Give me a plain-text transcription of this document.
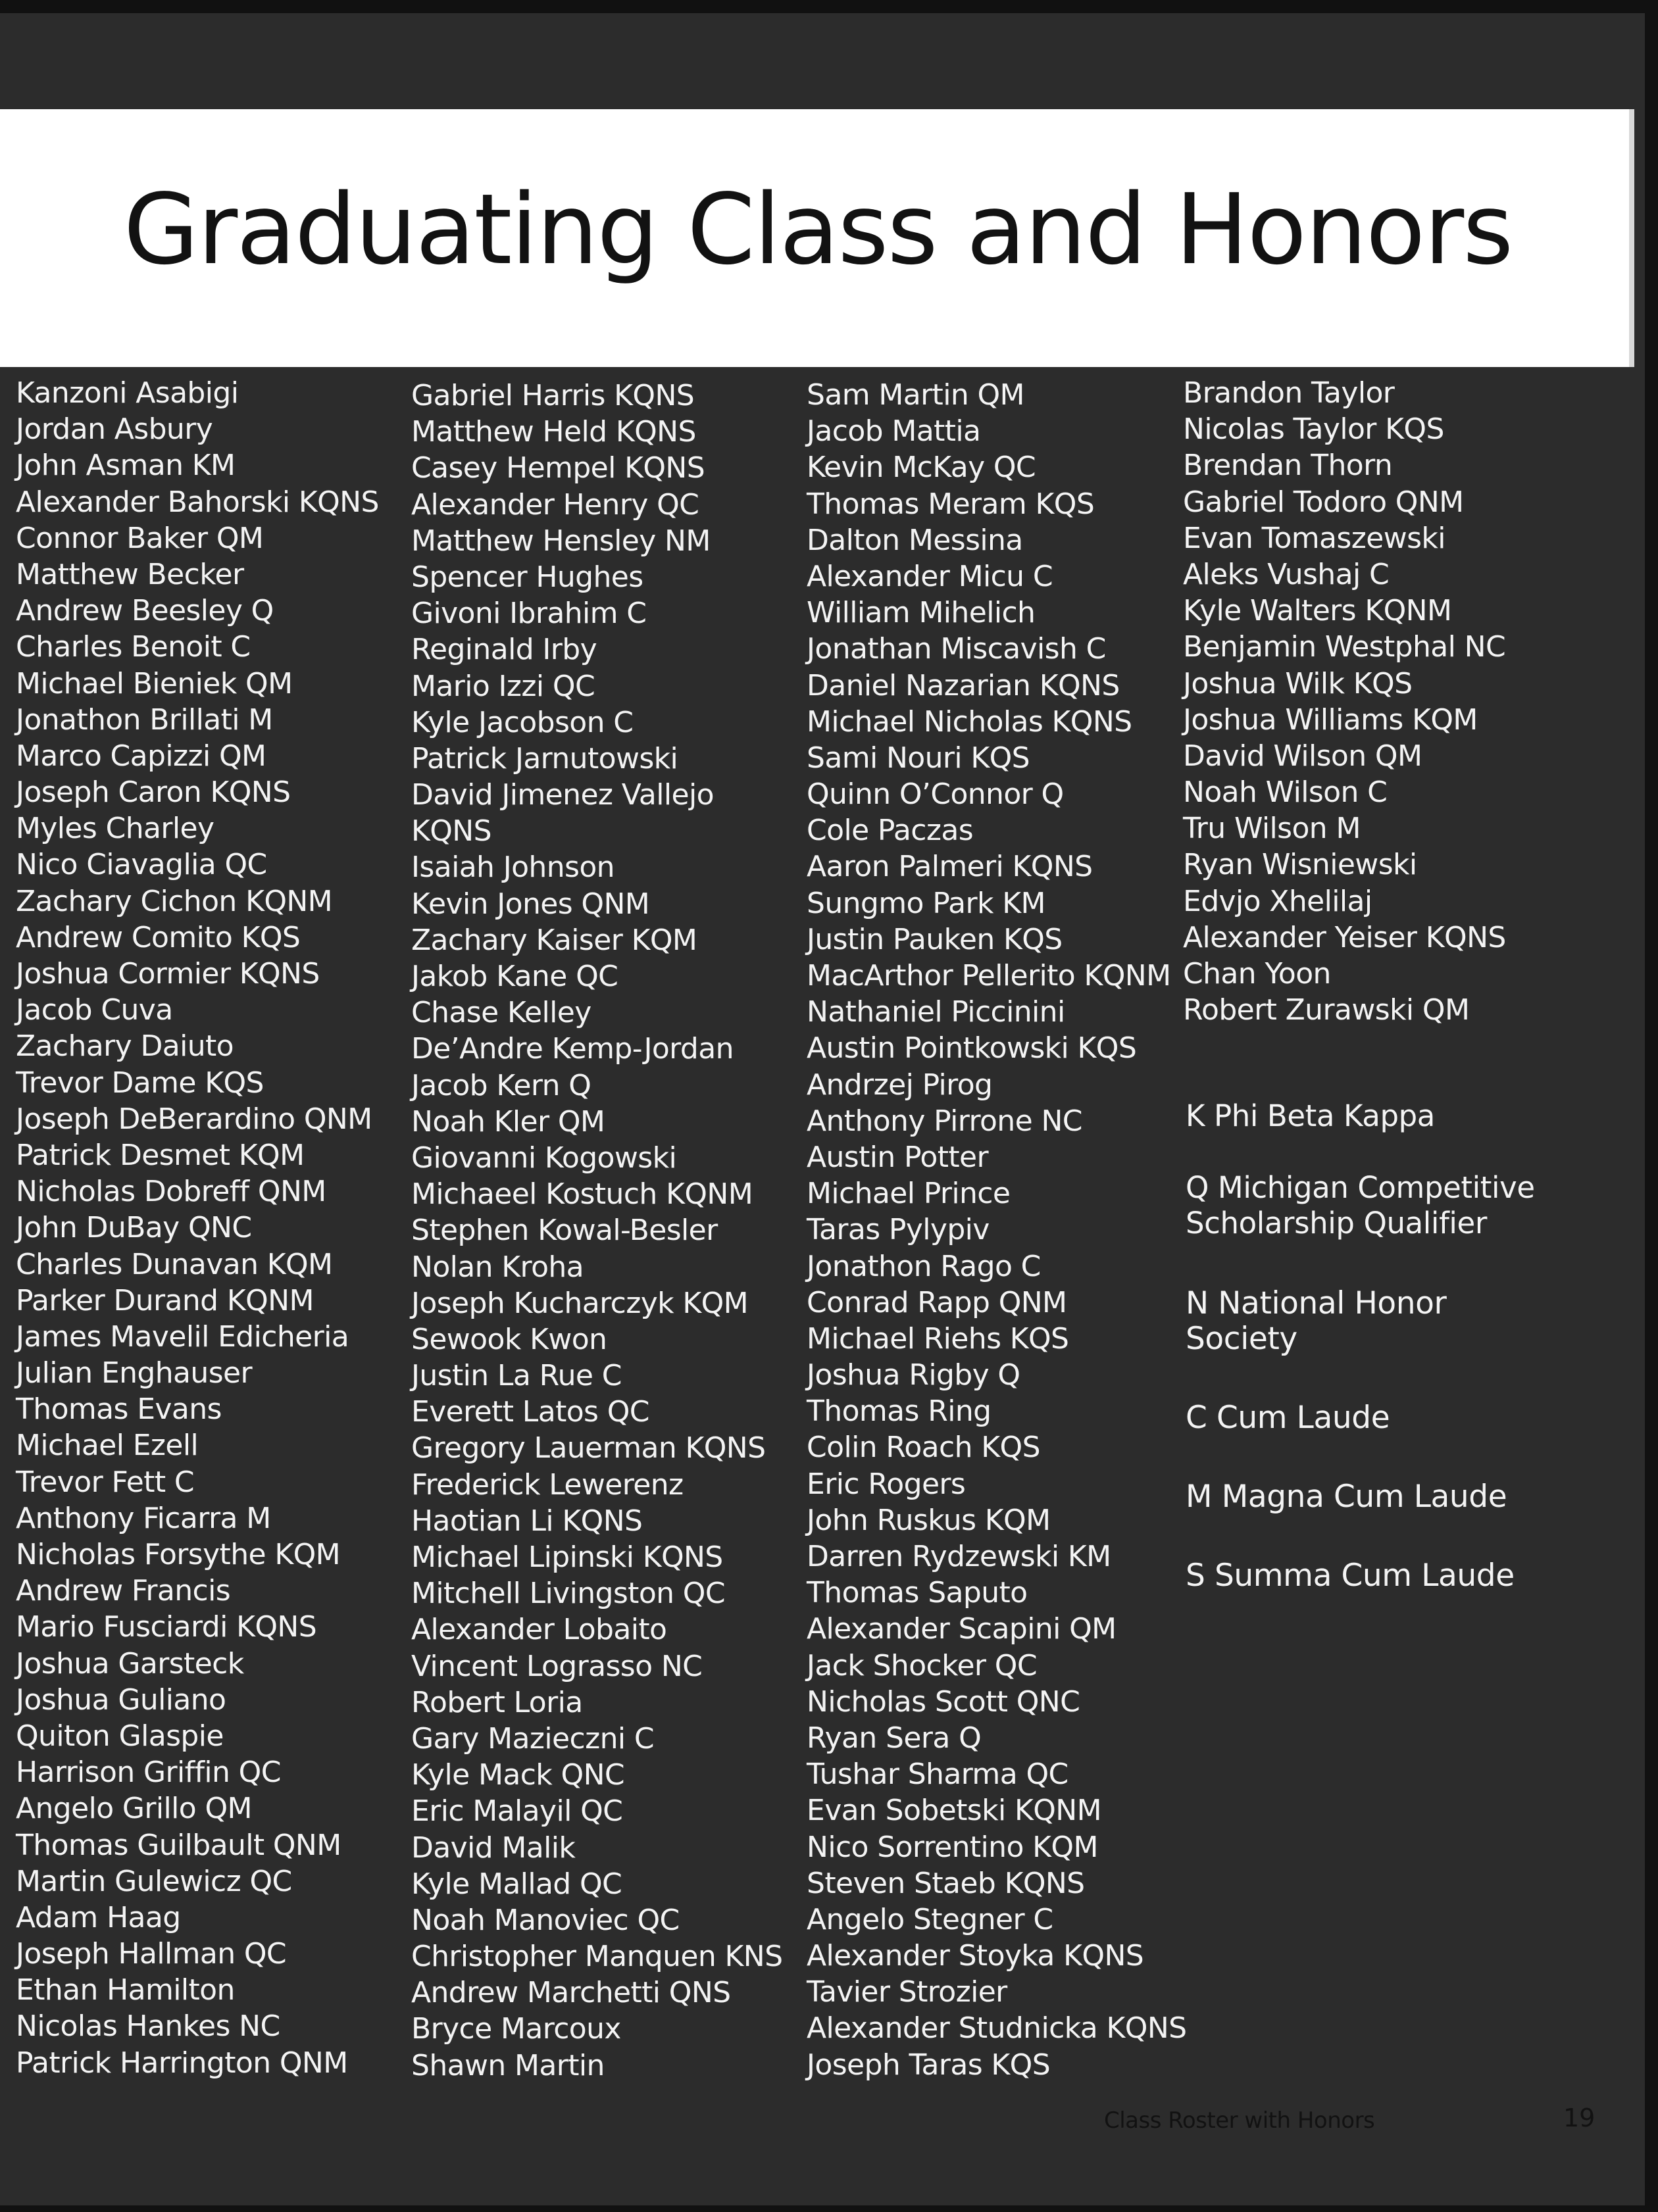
Graduating Class and Honors
Kanzoni Asabigi
Jordan Asbury
John Asman KM
Alexander Bahorski KQNS
Connor Baker QM
Matthew Becker
Andrew Beesley Q
Charles Benoit C
Michael Bieniek QM
Jonathon Brillati M
Marco Capizzi QM
Joseph Caron KQNS
Myles Charley
Nico Ciavaglia QC
Zachary Cichon KQNM
Andrew Comito KQS
Joshua Cormier KQNS
Jacob Cuva
Zachary Daiuto
Trevor Dame KQS
Joseph DeBerardino QNM
Patrick Desmet KQM
Nicholas Dobreff QNM
John DuBay QNC
Charles Dunavan KQM
Parker Durand KQNM
James Mavelil Edicheria
Julian Enghauser
Thomas Evans
Michael Ezell
Trevor Fett C
Anthony Ficarra M
Nicholas Forsythe KQM
Andrew Francis
Mario Fusciardi KQNS
Joshua Garsteck
Joshua Guliano
Quiton Glaspie
Harrison Griffin QC
Angelo Grillo QM
Thomas Guilbault QNM
Martin Gulewicz QC
Adam Haag
Joseph Hallman QC
Ethan Hamilton
Nicolas Hankes NC
Patrick Harrington QNM
Gabriel Harris KQNS
Matthew Held KQNS
Casey Hempel KQNS
Alexander Henry QC
Matthew Hensley NM
Spencer Hughes
Givoni Ibrahim C
Reginald Irby
Mario Izzi QC
Kyle Jacobson C
Patrick Jarnutowski
David Jimenez Vallejo
KQNS
Isaiah Johnson
Kevin Jones QNM
Zachary Kaiser KQM
Jakob Kane QC
Chase Kelley
De’Andre Kemp-Jordan
Jacob Kern Q
Noah Kler QM
Giovanni Kogowski
Michaeel Kostuch KQNM
Stephen Kowal-Besler
Nolan Kroha
Joseph Kucharczyk KQM
Sewook Kwon
Justin La Rue C
Everett Latos QC
Gregory Lauerman KQNS
Frederick Lewerenz
Haotian Li KQNS
Michael Lipinski KQNS
Mitchell Livingston QC
Alexander Lobaito
Vincent Lograsso NC
Robert Loria
Gary Mazieczni C
Kyle Mack QNC
Eric Malayil QC
David Malik
Kyle Mallad QC
Noah Manoviec QC
Christopher Manquen KNS
Andrew Marchetti QNS
Bryce Marcoux
Shawn Martin
Sam Martin QM
Jacob Mattia
Kevin McKay QC
Thomas Meram KQS
Dalton Messina
Alexander Micu C
William Mihelich
Jonathan Miscavish C
Daniel Nazarian KQNS
Michael Nicholas KQNS
Sami Nouri KQS
Quinn O’Connor Q
Cole Paczas
Aaron Palmeri KQNS
Sungmo Park KM
Justin Pauken KQS
MacArthor Pellerito KQNM
Nathaniel Piccinini
Austin Pointkowski KQS
Andrzej Pirog
Anthony Pirrone NC
Austin Potter
Michael Prince
Taras Pylypiv
Jonathon Rago C
Conrad Rapp QNM
Michael Riehs KQS
Joshua Rigby Q
Thomas Ring
Colin Roach KQS
Eric Rogers
John Ruskus KQM
Darren Rydzewski KM
Thomas Saputo
Alexander Scapini QM
Jack Shocker QC
Nicholas Scott QNC
Ryan Sera Q
Tushar Sharma QC
Evan Sobetski KQNM
Nico Sorrentino KQM
Steven Staeb KQNS
Angelo Stegner C
Alexander Stoyka KQNS
Tavier Strozier
Alexander Studnicka KQNS
Joseph Taras KQS
Brandon Taylor
Nicolas Taylor KQS
Brendan Thorn
Gabriel Todoro QNM
Evan Tomaszewski
Aleks Vushaj C
Kyle Walters KQNM
Benjamin Westphal NC
Joshua Wilk KQS
Joshua Williams KQM
David Wilson QM
Noah Wilson C
Tru Wilson M
Ryan Wisniewski
Edvjo Xhelilaj
Alexander Yeiser KQNS
Chan Yoon
Robert Zurawski QM
K Phi Beta Kappa
Q Michigan Competitive
Scholarship Qualifier
N National Honor Society
C Cum Laude
M Magna Cum Laude
S Summa Cum Laude
Class Roster with Honors	19
